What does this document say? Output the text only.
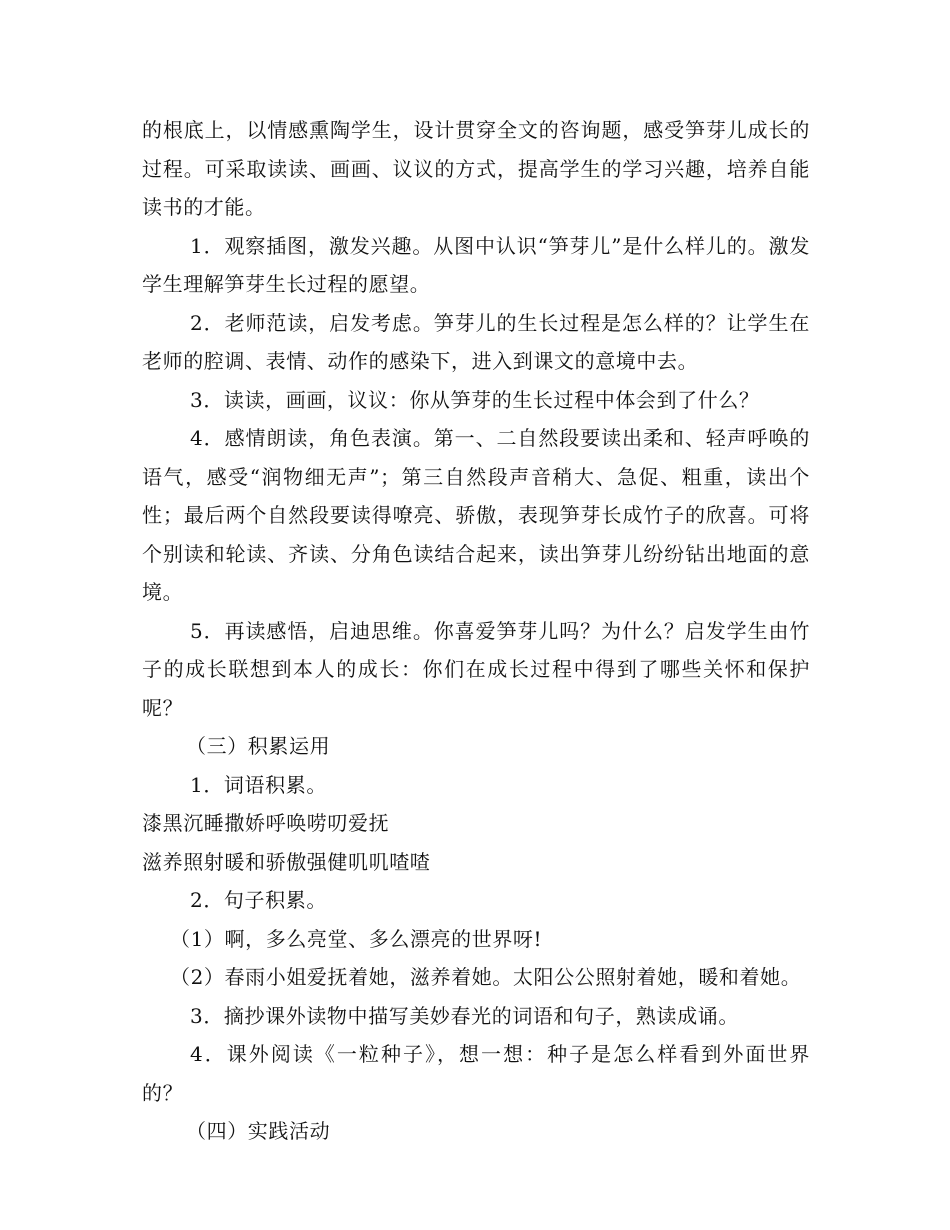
的根底上，以情感熏陶学生，设计贯穿全文的咨询题，感受笋芽儿成长的过程。可采取读读、画画、议议的方式，提高学生的学习兴趣，培养自能读书的才能。

1．观察插图，激发兴趣。从图中认识“笋芽儿”是什么样儿的。激发学生理解笋芽生长过程的愿望。

2．老师范读，启发考虑。笋芽儿的生长过程是怎么样的？让学生在老师的腔调、表情、动作的感染下，进入到课文的意境中去。

3．读读，画画，议议：你从笋芽的生长过程中体会到了什么？

4．感情朗读，角色表演。第一、二自然段要读出柔和、轻声呼唤的语气，感受“润物细无声”；第三自然段声音稍大、急促、粗重，读出个性；最后两个自然段要读得嘹亮、骄傲，表现笋芽长成竹子的欣喜。可将个别读和轮读、齐读、分角色读结合起来，读出笋芽儿纷纷钻出地面的意境。

5．再读感悟，启迪思维。你喜爱笋芽儿吗？为什么？启发学生由竹子的成长联想到本人的成长：你们在成长过程中得到了哪些关怀和保护呢？

（三）积累运用

1．词语积累。

漆黑沉睡撒娇呼唤唠叨爱抚

滋养照射暖和骄傲强健叽叽喳喳

2．句子积累。

（1）啊，多么亮堂、多么漂亮的世界呀!

（2）春雨小姐爱抚着她，滋养着她。太阳公公照射着她，暖和着她。

3．摘抄课外读物中描写美妙春光的词语和句子，熟读成诵。

4．课外阅读《一粒种子》，想一想：种子是怎么样看到外面世界的？

（四）实践活动
